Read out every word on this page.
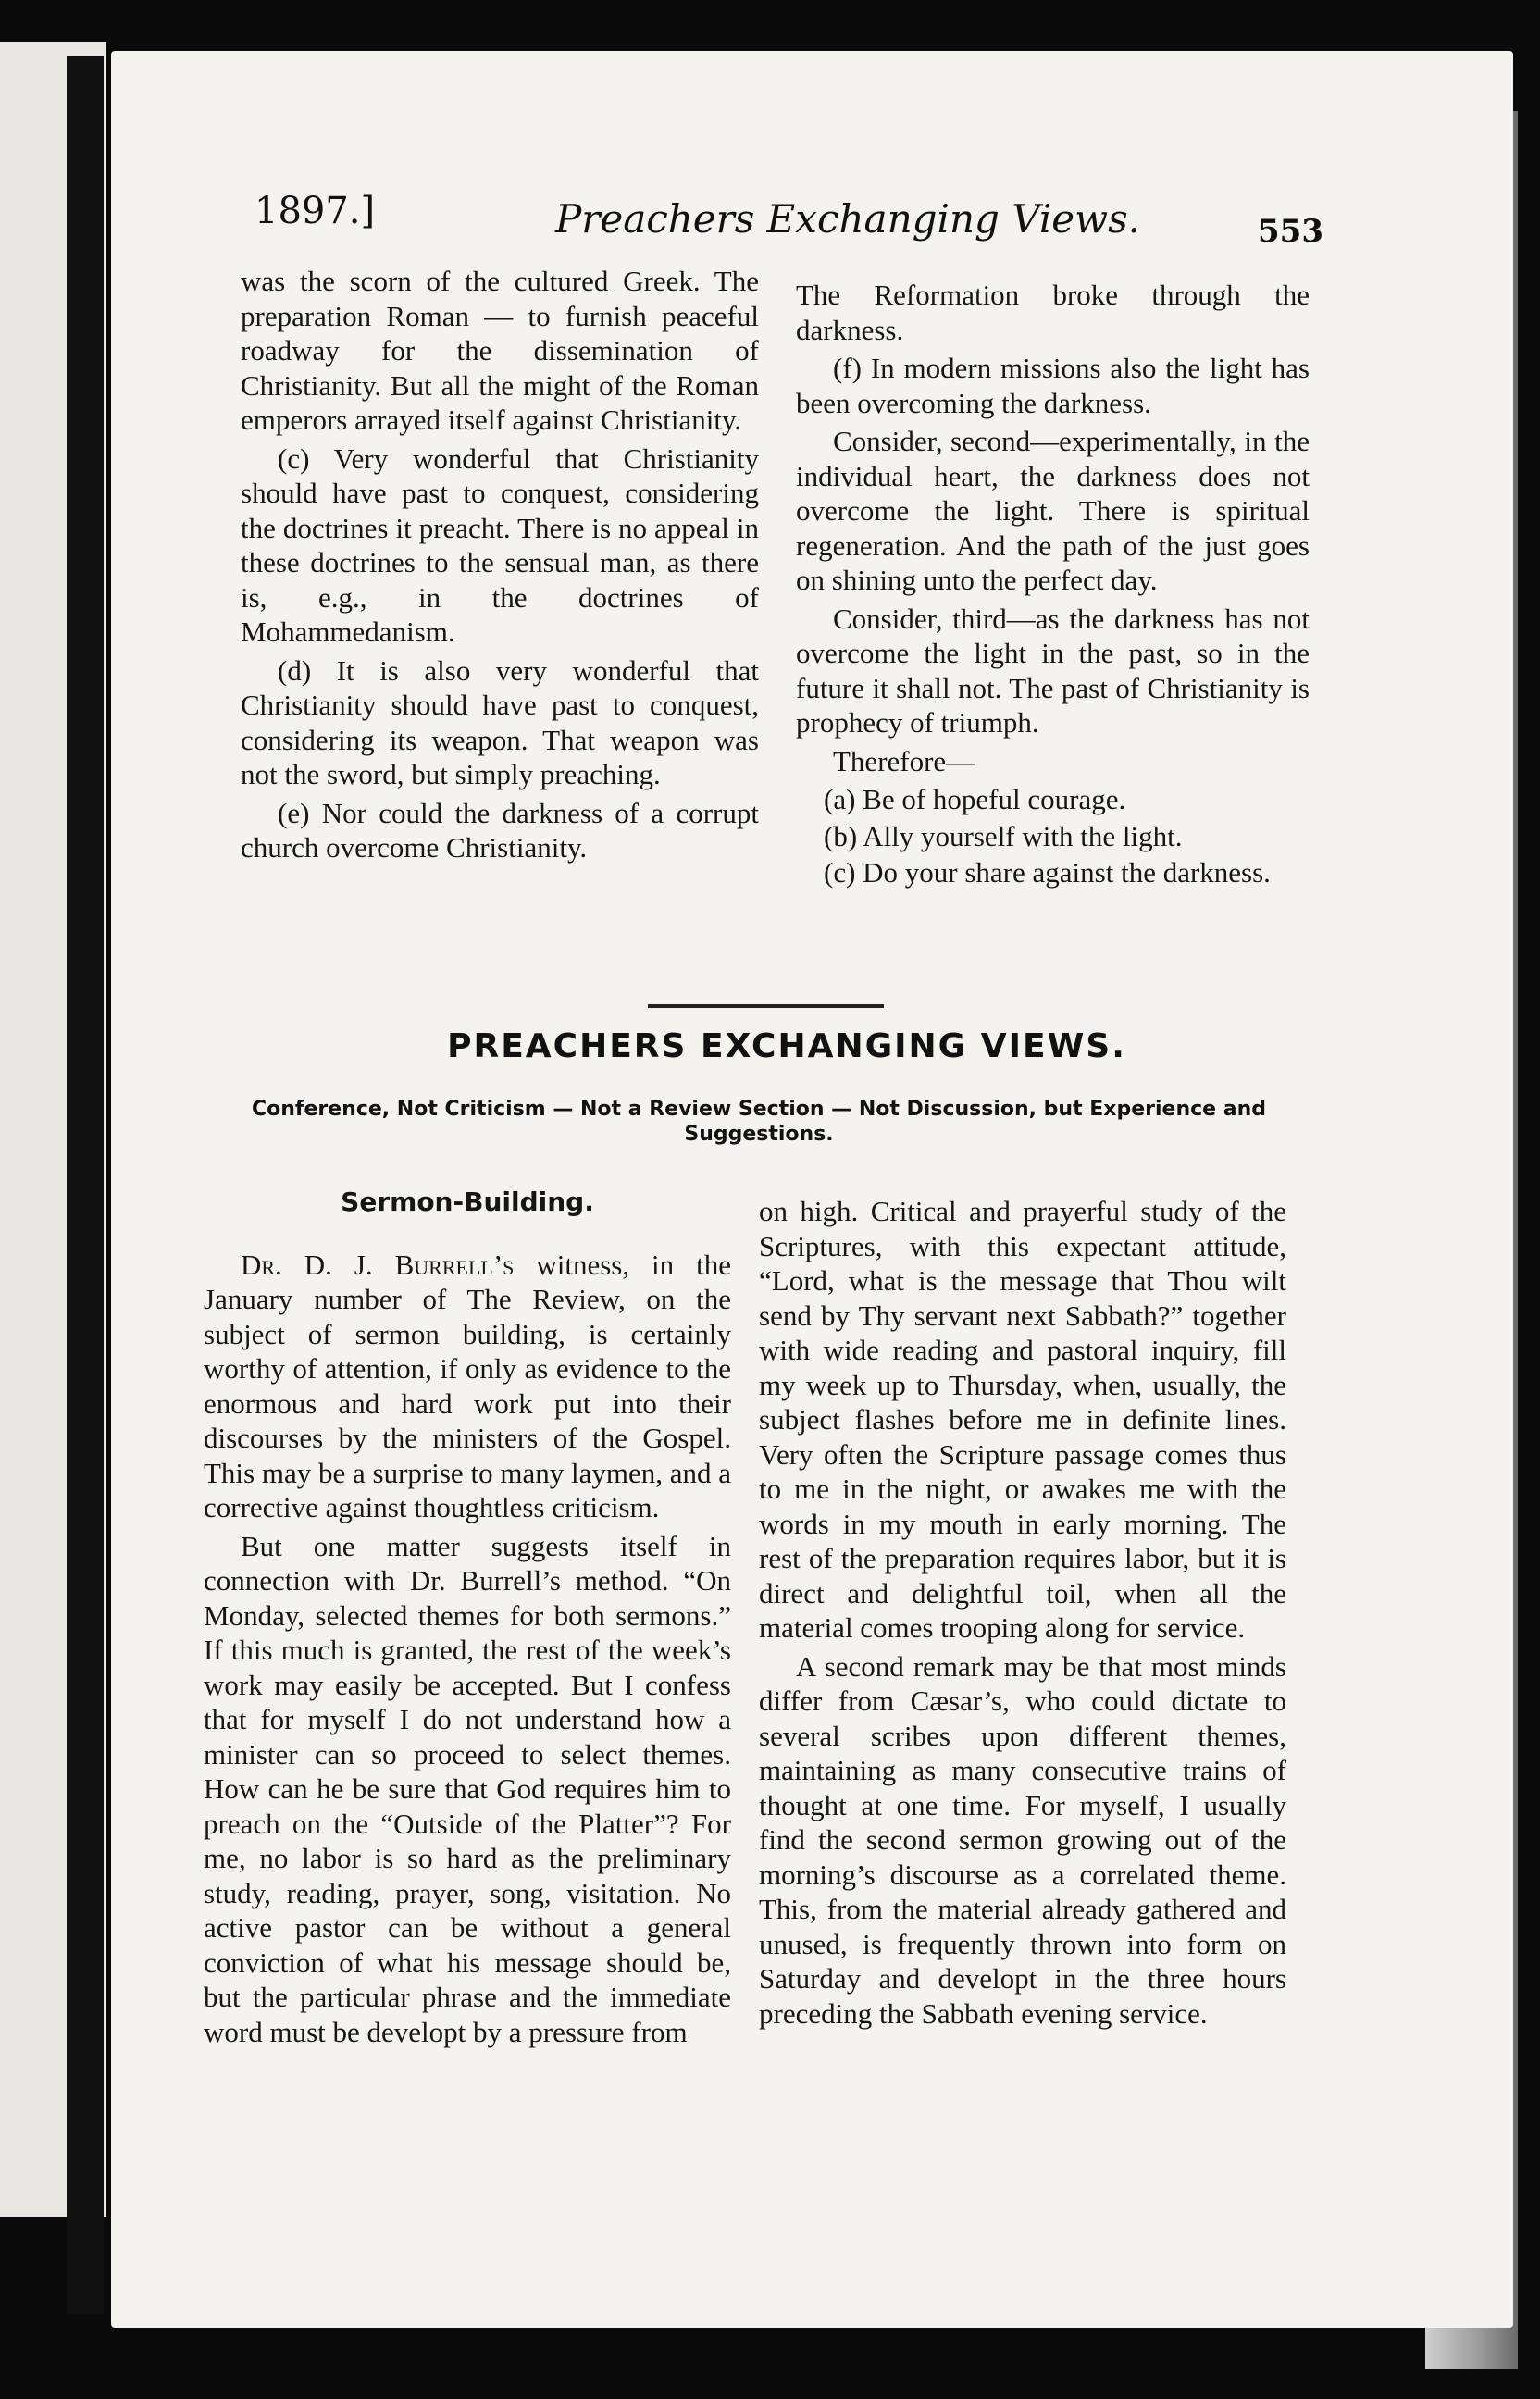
1897.]	Preachers Exchanging Views.	553

was the scorn of the cultured Greek. The preparation Roman — to furnish peaceful roadway for the dissemination of Christianity. But all the might of the Roman emperors arrayed itself against Christianity.

(c) Very wonderful that Christianity should have past to conquest, considering the doctrines it preacht. There is no appeal in these doctrines to the sensual man, as there is, e.g., in the doctrines of Mohammedanism.

(d) It is also very wonderful that Christianity should have past to conquest, considering its weapon. That weapon was not the sword, but simply preaching.

(e) Nor could the darkness of a corrupt church overcome Christianity.

The Reformation broke through the darkness.

(f) In modern missions also the light has been overcoming the darkness.

Consider, second—experimentally, in the individual heart, the darkness does not overcome the light. There is spiritual regeneration. And the path of the just goes on shining unto the perfect day.

Consider, third—as the darkness has not overcome the light in the past, so in the future it shall not. The past of Christianity is prophecy of triumph.

Therefore—

(a) Be of hopeful courage.

(b) Ally yourself with the light.

(c) Do your share against the darkness.

PREACHERS EXCHANGING VIEWS.
Conference, Not Criticism — Not a Review Section — Not Discussion, but Experience and Suggestions.
Sermon-Building.

Dr. D. J. Burrell’s witness, in the January number of The Review, on the subject of sermon building, is certainly worthy of attention, if only as evidence to the enormous and hard work put into their discourses by the ministers of the Gospel. This may be a surprise to many laymen, and a corrective against thoughtless criticism.

But one matter suggests itself in connection with Dr. Burrell’s method. “On Monday, selected themes for both sermons.” If this much is granted, the rest of the week’s work may easily be accepted. But I confess that for myself I do not understand how a minister can so proceed to select themes. How can he be sure that God requires him to preach on the “Outside of the Platter”? For me, no labor is so hard as the preliminary study, reading, prayer, song, visitation. No active pastor can be without a general conviction of what his message should be, but the particular phrase and the immediate word must be developt by a pressure from

on high. Critical and prayerful study of the Scriptures, with this expectant attitude, “Lord, what is the message that Thou wilt send by Thy servant next Sabbath?” together with wide reading and pastoral inquiry, fill my week up to Thursday, when, usually, the subject flashes before me in definite lines. Very often the Scripture passage comes thus to me in the night, or awakes me with the words in my mouth in early morning. The rest of the preparation requires labor, but it is direct and delightful toil, when all the material comes trooping along for service.

A second remark may be that most minds differ from Cæsar’s, who could dictate to several scribes upon different themes, maintaining as many consecutive trains of thought at one time. For myself, I usually find the second sermon growing out of the morning’s discourse as a correlated theme. This, from the material already gathered and unused, is frequently thrown into form on Saturday and developt in the three hours preceding the Sabbath evening service.
